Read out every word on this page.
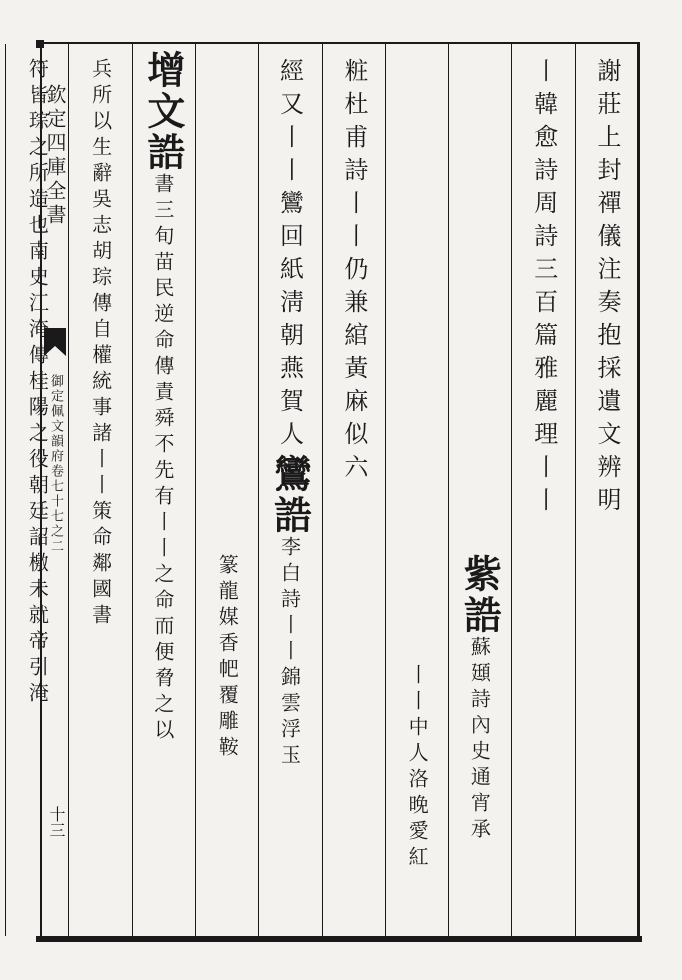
欽定四庫全書
御定佩文韻府卷七十七之二
十三
謝莊上封禪儀注奏抱採遺文辨明
丨韓愈詩周詩三百篇雅麗理丨丨
紫誥蘇頲詩內史通宵承
丨丨中人洛晚愛紅
粧杜甫詩丨丨仍兼綰黃麻似六
經又丨丨鸞回紙淸朝燕賀人鸞誥李白詩丨丨錦雲浮玉
篆龍媒香帊覆雕鞍
增文誥書三旬苗民逆命傳責舜不先有丨丨之命而便脅之以
兵所以生辭吳志胡琮傳自權統事諸丨丨策命鄰國書
符皆琮之所造也南史江淹傳桂陽之役朝廷詔檄未就帝引淹
